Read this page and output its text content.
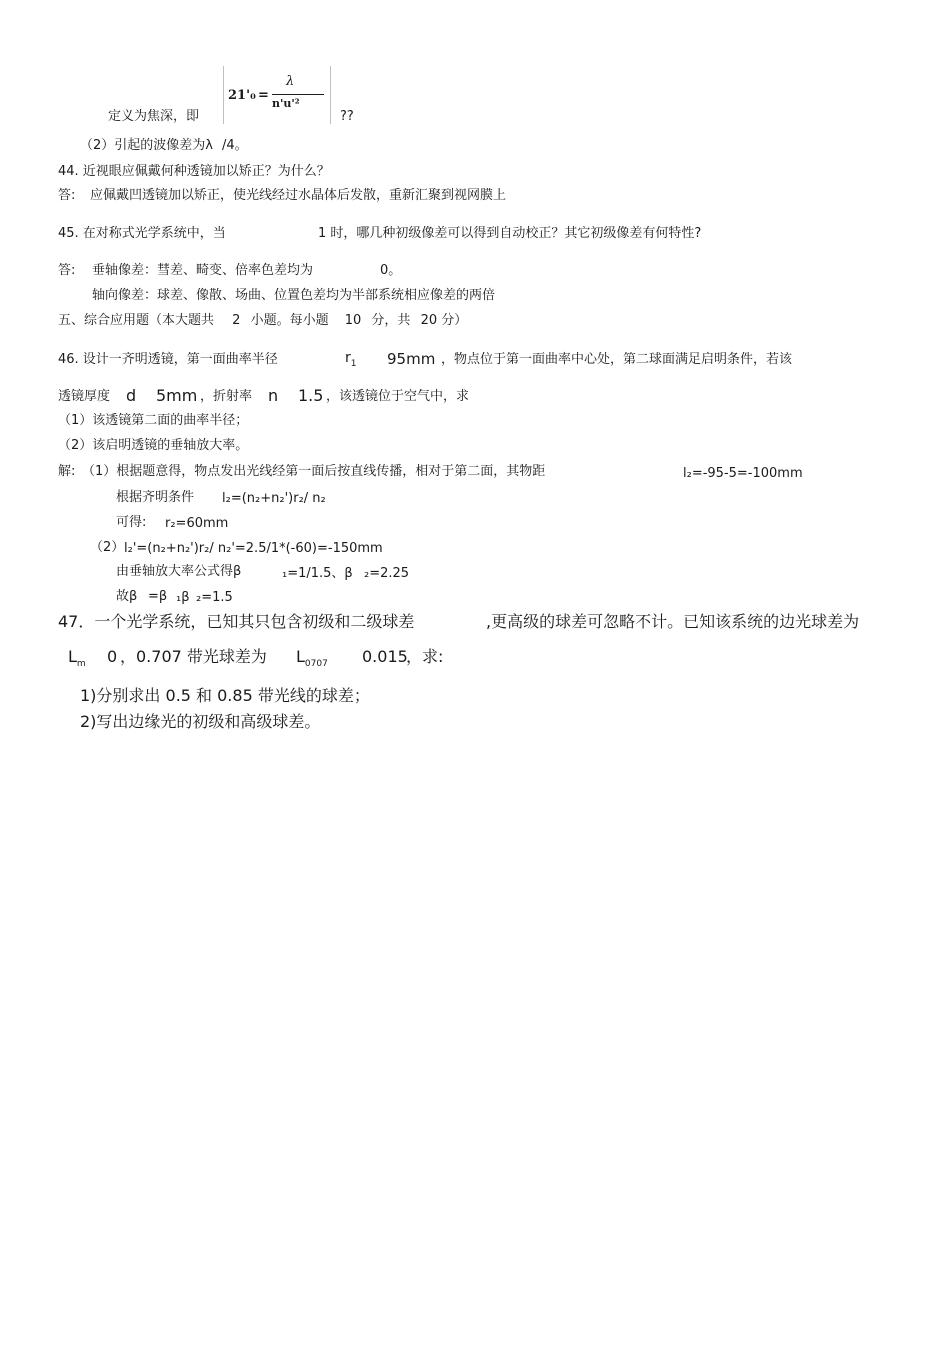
21'₀ =
λ
n'u'²
定义为焦深，即	??
（2）引起的波像差为λ /4。
44. 近视眼应佩戴何种透镜加以矫正？为什么？
答: 应佩戴凹透镜加以矫正，使光线经过水晶体后发散，重新汇聚到视网膜上
45. 在对称式光学系统中，当	1 时，哪几种初级像差可以得到自动校正？其它初级像差有何特性?
答: 垂轴像差：彗差、畸变、倍率色差均为	0。
轴向像差：球差、像散、场曲、位置色差均为半部系统相应像差的两倍
五、综合应用题（本大题共 2 小题。每小题 10 分，共 20 分）
46. 设计一齐明透镜，第一面曲率半径	$r_1$ 95mm ，物点位于第一面曲率中心处，第二球面满足启明条件，若该
透镜厚度 d 5mm ，折射率 n 1.5 ，该透镜位于空气中，求
（1）该透镜第二面的曲率半径；
（2）该启明透镜的垂轴放大率。
解: （1）根据题意得，物点发出光线经第一面后按直线传播，相对于第二面，其物距	l₂=-95-5=-100mm
根据齐明条件 l₂=(n₂+n₂')r₂/ n₂
可得: r₂=60mm
（2） l₂'=(n₂+n₂')r₂/ n₂'=2.5/1*(-60)=-150mm
由垂轴放大率公式得β	₁=1/1.5、β ₂=2.25
故β =β ₁β ₂=1.5
47．一个光学系统，已知其只包含初级和二级球差	,更高级的球差可忽略不计。已知该系统的边光球差为
$L_m$ 0 ，0.707 带光球差为 $L_{0707}$ 0.015
，求:
1)分别求出 0.5 和 0.85 带光线的球差；
2)写出边缘光的初级和高级球差。
